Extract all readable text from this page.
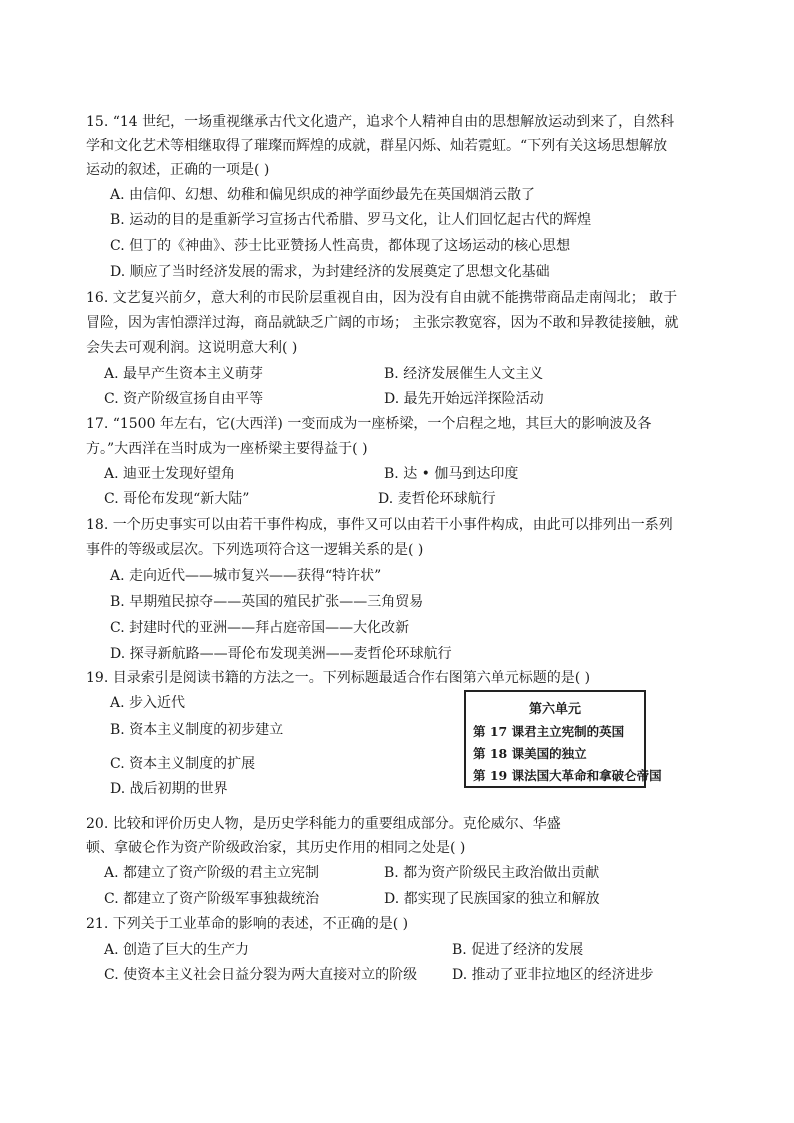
15. “14 世纪，一场重视继承古代文化遗产，追求个人精神自由的思想解放运动到来了，自然科
学和文化艺术等相继取得了璀璨而辉煌的成就，群星闪烁、灿若霓虹。“下列有关这场思想解放
运动的叙述，正确的一项是( )
A. 由信仰、幻想、幼稚和偏见织成的神学面纱最先在英国烟消云散了
B. 运动的目的是重新学习宣扬古代希腊、罗马文化，让人们回忆起古代的辉煌
C. 但丁的《神曲》、莎士比亚赞扬人性高贵，都体现了这场运动的核心思想
D. 顺应了当时经济发展的需求，为封建经济的发展奠定了思想文化基础
16. 文艺复兴前夕，意大利的市民阶层重视自由，因为没有自由就不能携带商品走南闯北； 敢于
冒险，因为害怕漂洋过海，商品就缺乏广阔的市场； 主张宗教宽容，因为不敢和异教徒接触，就
会失去可观利润。这说明意大利( )
A. 最早产生资本主义萌芽	B. 经济发展催生人文主义
C. 资产阶级宣扬自由平等	D. 最先开始远洋探险活动
17. “1500 年左右，它(大西洋) 一变而成为一座桥梁，一个启程之地，其巨大的影响波及各
方。”大西洋在当时成为一座桥梁主要得益于( )
A. 迪亚士发现好望角	B. 达 • 伽马到达印度
C. 哥伦布发现“新大陆”	D. 麦哲伦环球航行
18. 一个历史事实可以由若干事件构成，事件又可以由若干小事件构成，由此可以排列出一系列
事件的等级或层次。下列选项符合这一逻辑关系的是( )
A. 走向近代——城市复兴——获得“特许状”
B. 早期殖民掠夺——英国的殖民扩张——三角贸易
C. 封建时代的亚洲——拜占庭帝国——大化改新
D. 探寻新航路——哥伦布发现美洲——麦哲伦环球航行
19. 目录索引是阅读书籍的方法之一。下列标题最适合作右图第六单元标题的是( )
A. 步入近代
B. 资本主义制度的初步建立
C. 资本主义制度的扩展
D. 战后初期的世界
第六单元
第 17 课君主立宪制的英国
第 18 课美国的独立
第 19 课法国大革命和拿破仑帝国
20. 比较和评价历史人物，是历史学科能力的重要组成部分。克伦威尔、华盛
顿、拿破仑作为资产阶级政治家，其历史作用的相同之处是( )
A. 都建立了资产阶级的君主立宪制	B. 都为资产阶级民主政治做出贡献
C. 都建立了资产阶级军事独裁统治	D. 都实现了民族国家的独立和解放
21. 下列关于工业革命的影响的表述，不正确的是( )
A. 创造了巨大的生产力	B. 促进了经济的发展
C. 使资本主义社会日益分裂为两大直接对立的阶级 D. 推动了亚非拉地区的经济进步
